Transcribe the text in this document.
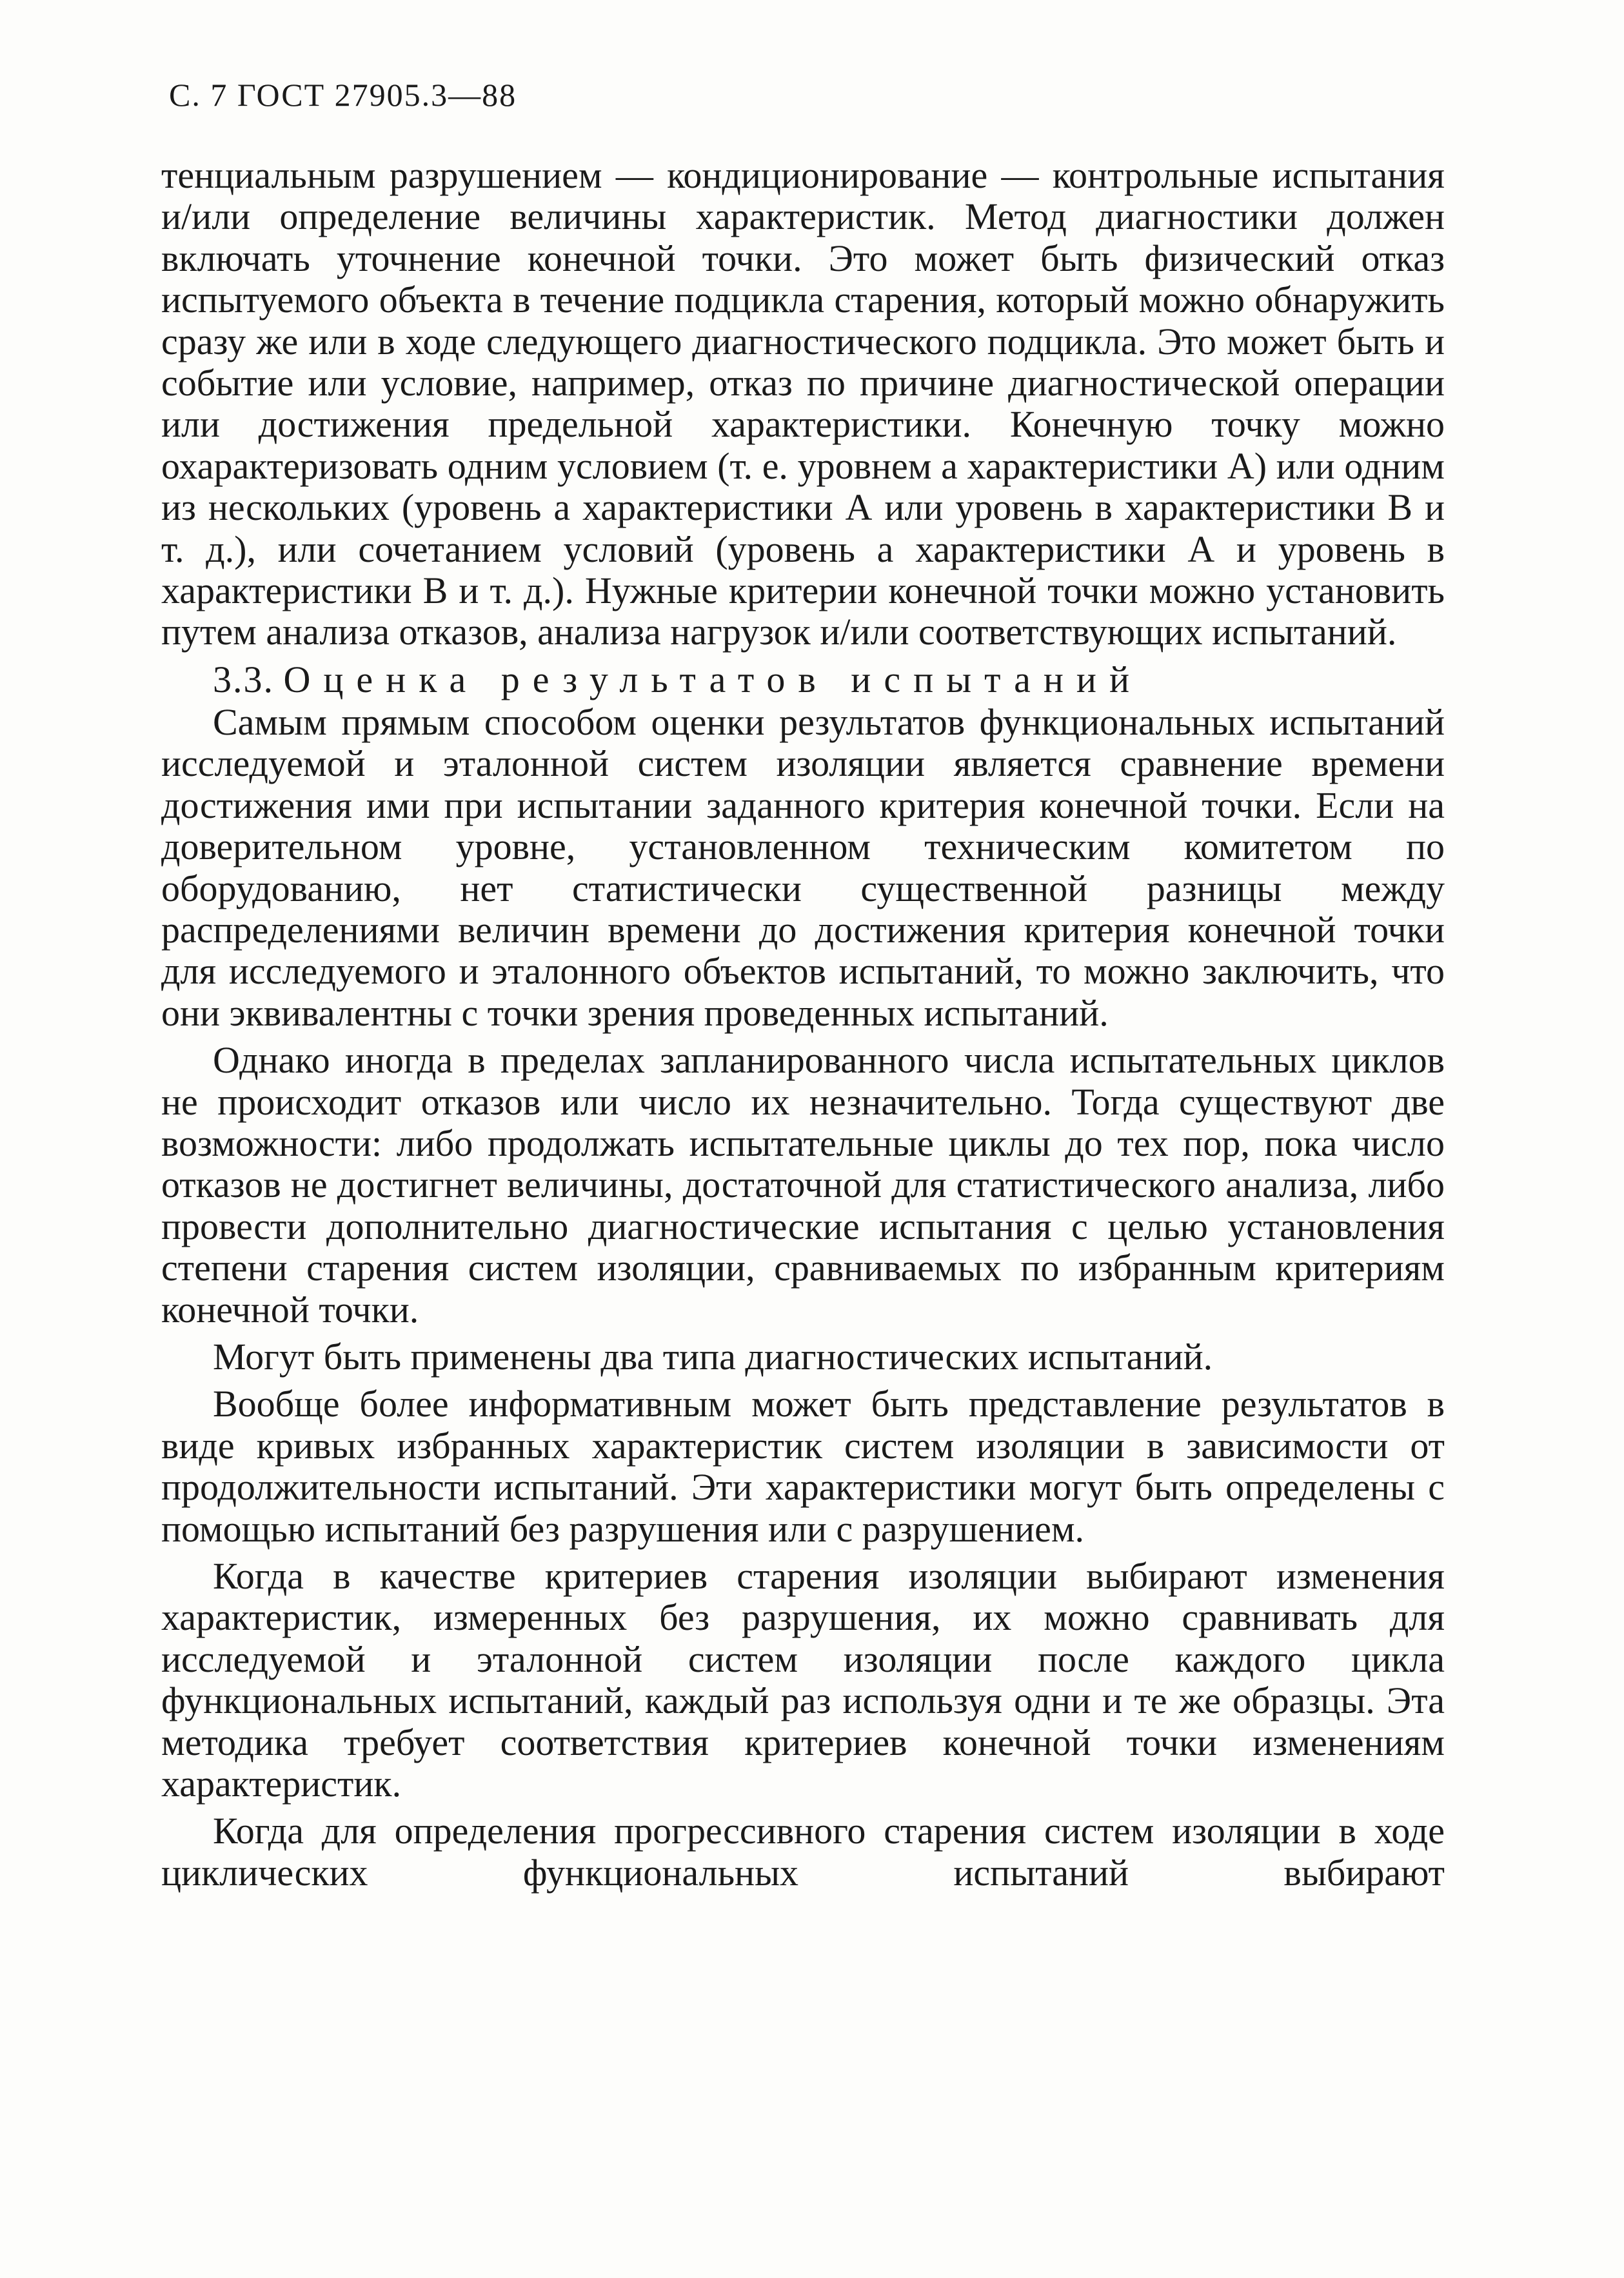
С. 7 ГОСТ 27905.3—88

тенциальным разрушением — кондиционирование — контрольные испытания и/или определение величины характеристик. Метод диагностики должен включать уточнение конечной точки. Это может быть физический отказ испытуемого объекта в течение подцикла старения, который можно обнаружить сразу же или в ходе следующего диагностического подцикла. Это может быть и событие или условие, например, отказ по причине диагностической операции или достижения предельной характеристики. Конечную точку можно охарактеризовать одним условием (т. е. уровнем а характеристики А) или одним из нескольких (уровень а характеристики А или уровень в характеристики В и т. д.), или сочетанием условий (уровень а характеристики А и уровень в характеристики В и т. д.). Нужные критерии конечной точки можно установить путем анализа отказов, анализа нагрузок и/или соответствующих испытаний.

3.3. Оценка результатов испытаний

Самым прямым способом оценки результатов функциональных испытаний исследуемой и эталонной систем изоляции является сравнение времени достижения ими при испытании заданного критерия конечной точки. Если на доверительном уровне, установленном техническим комитетом по оборудованию, нет статистически существенной разницы между распределениями величин времени до достижения критерия конечной точки для исследуемого и эталонного объектов испытаний, то можно заключить, что они эквивалентны с точки зрения проведенных испытаний.

Однако иногда в пределах запланированного числа испытательных циклов не происходит отказов или число их незначительно. Тогда существуют две возможности: либо продолжать испытательные циклы до тех пор, пока число отказов не достигнет величины, достаточной для статистического анализа, либо провести дополнительно диагностические испытания с целью установления степени старения систем изоляции, сравниваемых по избранным критериям конечной точки.

Могут быть применены два типа диагностических испытаний.

Вообще более информативным может быть представление результатов в виде кривых избранных характеристик систем изоляции в зависимости от продолжительности испытаний. Эти характеристики могут быть определены с помощью испытаний без разрушения или с разрушением.

Когда в качестве критериев старения изоляции выбирают изменения характеристик, измеренных без разрушения, их можно сравнивать для исследуемой и эталонной систем изоляции после каждого цикла функциональных испытаний, каждый раз используя одни и те же образцы. Эта методика требует соответствия критериев конечной точки изменениям характеристик.

Когда для определения прогрессивного старения систем изоляции в ходе циклических функциональных испытаний выбирают
